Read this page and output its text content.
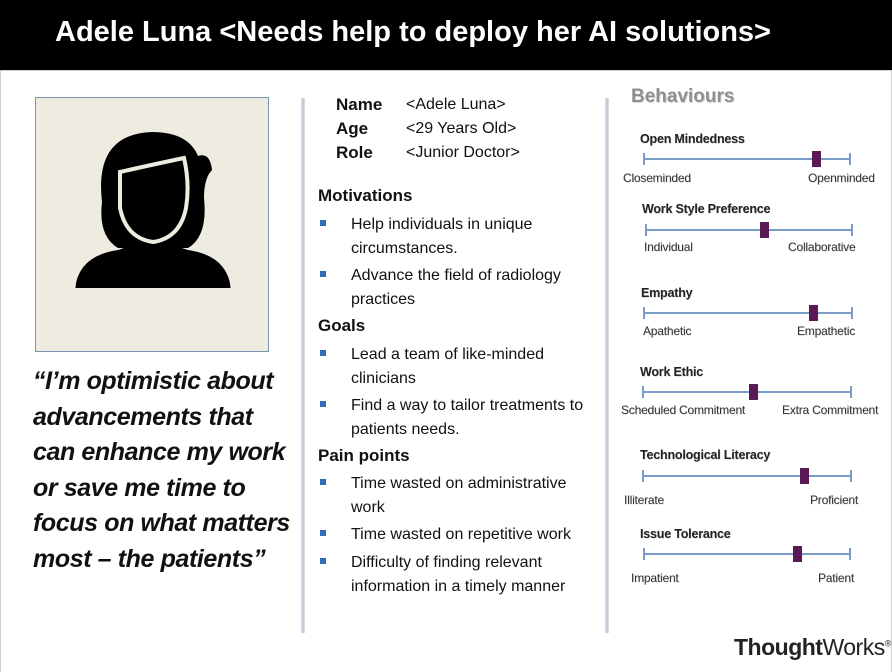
Adele Luna <Needs help to deploy her AI solutions>
“I’m optimistic about advancements that can enhance my work or save me time to focus on what matters most – the patients”
Name	<Adele Luna>
Age	<29 Years Old>
Role	<Junior Doctor>
Motivations
Help individuals in unique circumstances.
Advance the field of radiology practices
Goals
Lead a team of like-minded clinicians
Find a way to tailor treatments to patients needs.
Pain points
Time wasted on administrative work
Time wasted on repetitive work
Difficulty of finding relevant information in a timely manner
Behaviours
Open Mindedness
Closeminded	Openminded
Work Style Preference
Individual	Collaborative
Empathy
Apathetic	Empathetic
Work Ethic
Scheduled Commitment	Extra Commitment
Technological Literacy
Illiterate	Proficient
Issue Tolerance
Impatient	Patient
ThoughtWorks®
